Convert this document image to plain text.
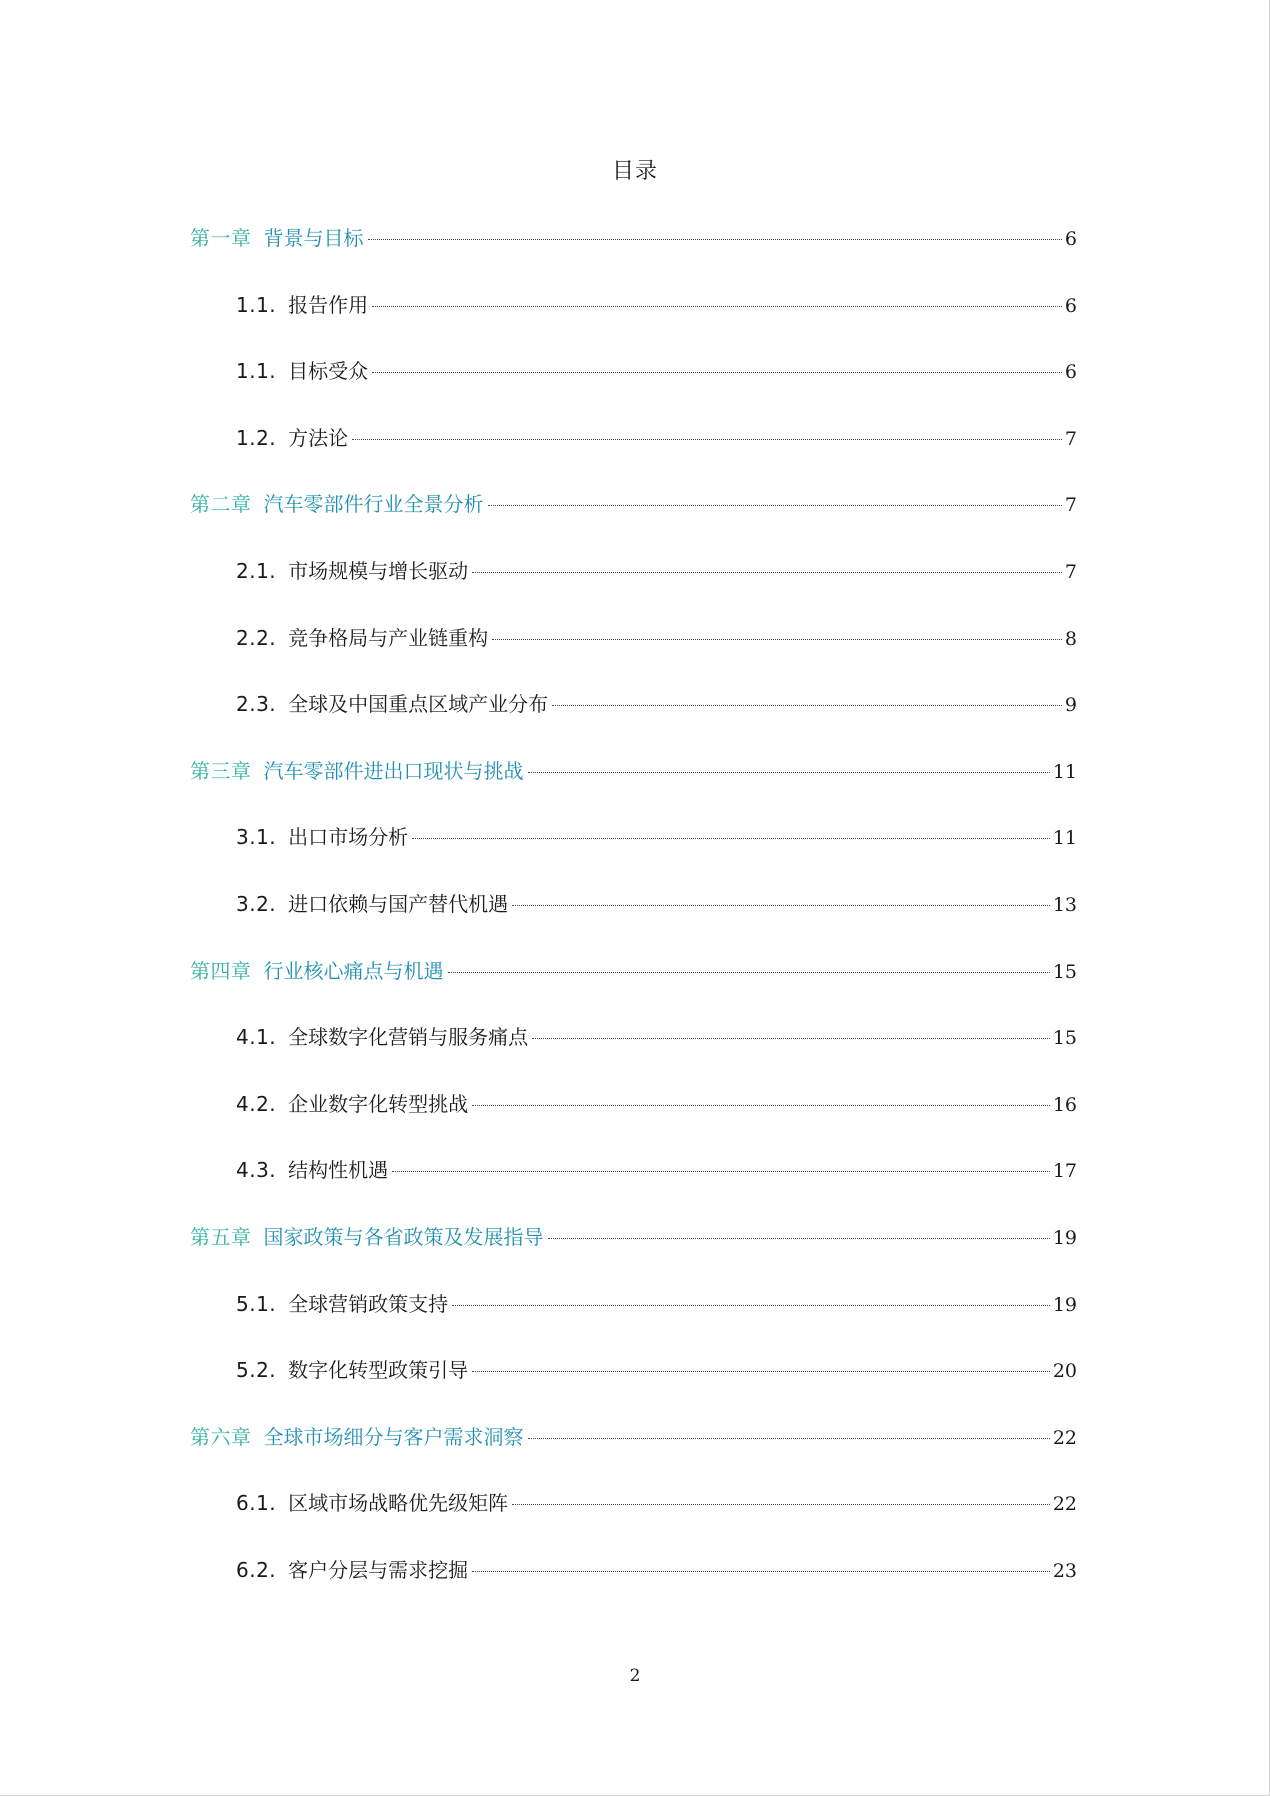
目录
第一章 背景与目标	6
1.1. 报告作用	6
1.1. 目标受众	6
1.2. 方法论	7
第二章 汽车零部件行业全景分析	7
2.1. 市场规模与增长驱动	7
2.2. 竞争格局与产业链重构	8
2.3. 全球及中国重点区域产业分布	9
第三章 汽车零部件进出口现状与挑战	11
3.1. 出口市场分析	11
3.2. 进口依赖与国产替代机遇	13
第四章 行业核心痛点与机遇	15
4.1. 全球数字化营销与服务痛点	15
4.2. 企业数字化转型挑战	16
4.3. 结构性机遇	17
第五章 国家政策与各省政策及发展指导	19
5.1. 全球营销政策支持	19
5.2. 数字化转型政策引导	20
第六章 全球市场细分与客户需求洞察	22
6.1. 区域市场战略优先级矩阵	22
6.2. 客户分层与需求挖掘	23
2
